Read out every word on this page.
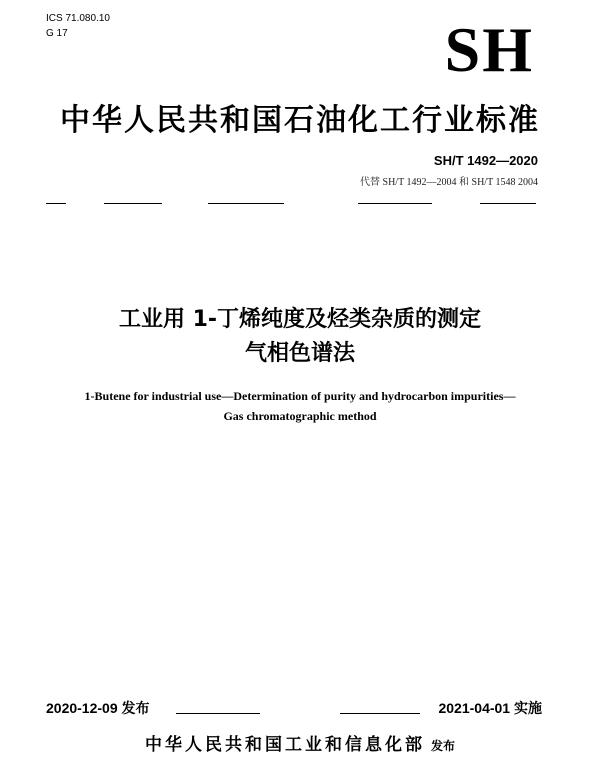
ICS 71.080.10
G 17	SH
中华人民共和国石油化工行业标准
SH/T 1492—2020
代替 SH/T 1492—2004 和 SH/T 1548 2004
工业用 1-丁烯纯度及烃类杂质的测定
气相色谱法
1-Butene for industrial use—Determination of purity and hydrocarbon impurities—
Gas chromatographic method
2020-12-09 发布	2021-04-01 实施
中华人民共和国工业和信息化部 发布
